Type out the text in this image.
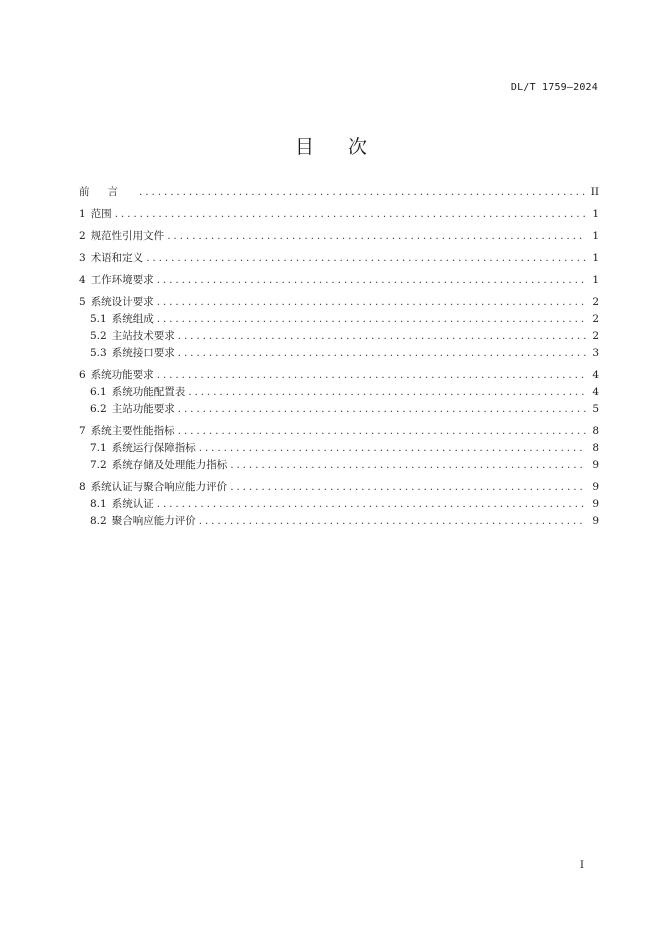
DL/T 1759—2024
目 次
前言 .....	II
1 范围 .....	1
2 规范性引用文件 .....	1
3 术语和定义 .....	1
4 工作环境要求 .....	1
5 系统设计要求 .....	2
5.1 系统组成 .....	2
5.2 主站技术要求 .....	2
5.3 系统接口要求 .....	3
6 系统功能要求 .....	4
6.1 系统功能配置表 .....	4
6.2 主站功能要求 .....	5
7 系统主要性能指标 .....	8
7.1 系统运行保障指标 .....	8
7.2 系统存储及处理能力指标 .....	9
8 系统认证与聚合响应能力评价 .....	9
8.1 系统认证 .....	9
8.2 聚合响应能力评价 .....	9
I
